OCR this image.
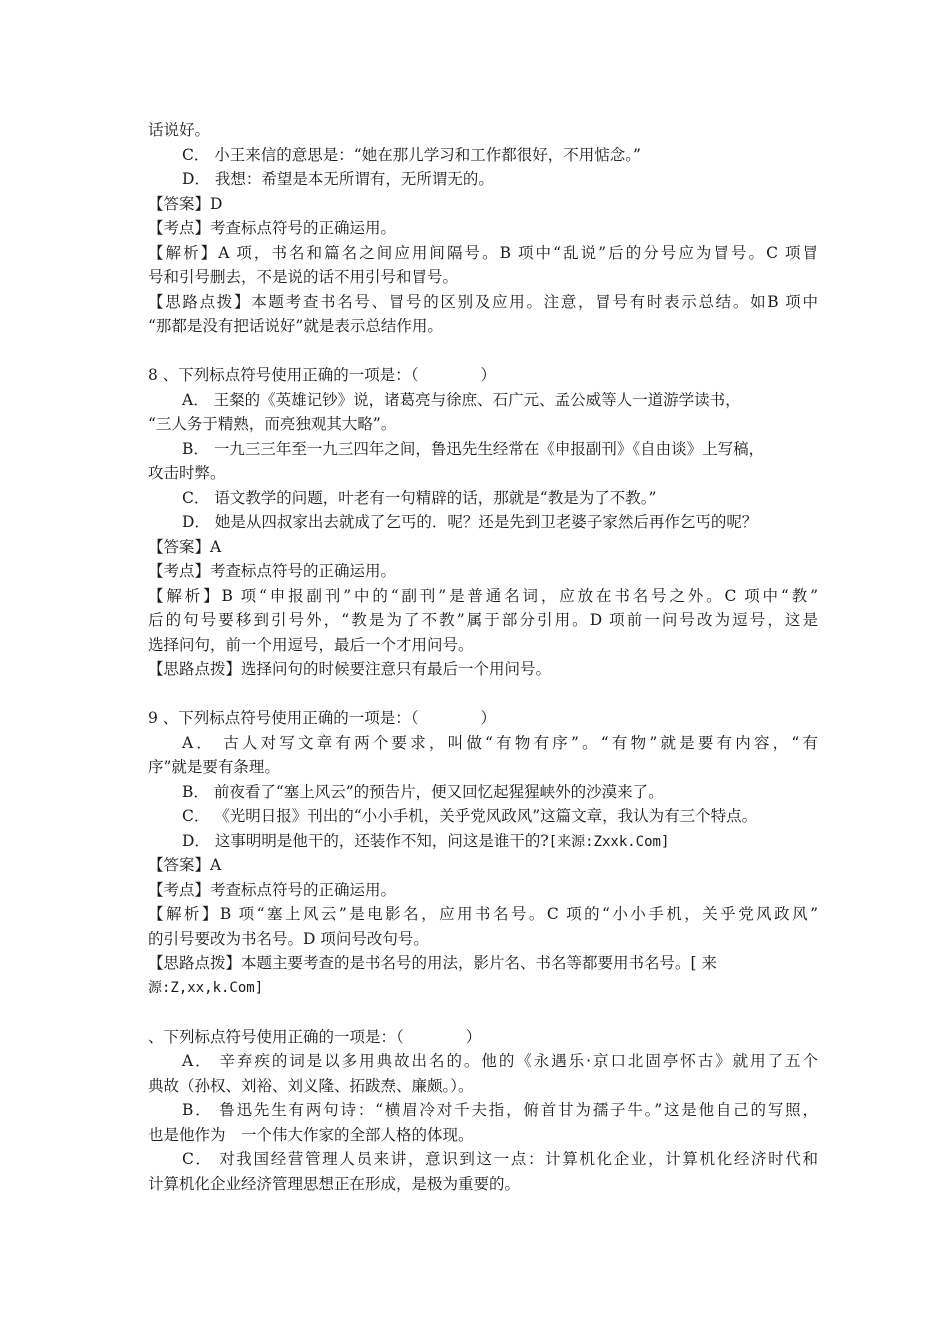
话说好。
C． 小王来信的意思是：“她在那儿学习和工作都很好，不用惦念。”
D． 我想：希望是本无所谓有，无所谓无的。
【答案】D
【考点】考查标点符号的正确运用。
【解析】A 项，书名和篇名之间应用间隔号。B 项中“乱说”后的分号应为冒号。C 项冒
号和引号删去，不是说的话不用引号和冒号。
【思路点拨】本题考查书名号、冒号的区别及应用。注意，冒号有时表示总结。如B 项中
“那都是没有把话说好”就是表示总结作用。
8 、下列标点符号使用正确的一项是：（　　　　）
A． 王粲的《英雄记钞》说，诸葛亮与徐庶、石广元、孟公威等人一道游学读书，
“三人务于精熟，而亮独观其大略”。
B． 一九三三年至一九三四年之间，鲁迅先生经常在《申报副刊》《自由谈》上写稿，
攻击时弊。
C． 语文教学的问题，叶老有一句精辟的话，那就是“教是为了不教。”
D． 她是从四叔家出去就成了乞丐的．呢？还是先到卫老婆子家然后再作乞丐的呢？
【答案】A
【考点】考查标点符号的正确运用。
【解析】B 项“申报副刊”中的“副刊”是普通名词，应放在书名号之外。C 项中“教”
后的句号要移到引号外，“教是为了不教”属于部分引用。D 项前一问号改为逗号，这是
选择问句，前一个用逗号，最后一个才用问号。
【思路点拨】选择问句的时候要注意只有最后一个用问号。
9 、下列标点符号使用正确的一项是：（　　　　）
A． 古人对写文章有两个要求，叫做“有物有序”。“有物”就是要有内容，“有
序”就是要有条理。
B． 前夜看了“塞上风云”的预告片，便又回忆起猩猩峡外的沙漠来了。
C． 《光明日报》刊出的“小小手机，关乎党风政风”这篇文章，我认为有三个特点。
D． 这事明明是他干的，还装作不知，问这是谁干的?[来源:Zxxk.Com]
【答案】A
【考点】考查标点符号的正确运用。
【解析】B 项“塞上风云”是电影名，应用书名号。C 项的“小小手机，关乎党风政风”
的引号要改为书名号。D 项问号改句号。
【思路点拨】本题主要考查的是书名号的用法，影片名、书名等都要用书名号。[ 来
源:Z,xx,k.Com]
、下列标点符号使用正确的一项是：（　　　　）
A． 辛弃疾的词是以多用典故出名的。他的《永遇乐·京口北固亭怀古》就用了五个
典故（孙权、刘裕、刘义隆、拓跋焘、廉颇。）。
B． 鲁迅先生有两句诗：“横眉冷对千夫指，俯首甘为孺子牛。”这是他自己的写照，
也是他作为　一个伟大作家的全部人格的体现。
C． 对我国经营管理人员来讲，意识到这一点：计算机化企业，计算机化经济时代和
计算机化企业经济管理思想正在形成，是极为重要的。
